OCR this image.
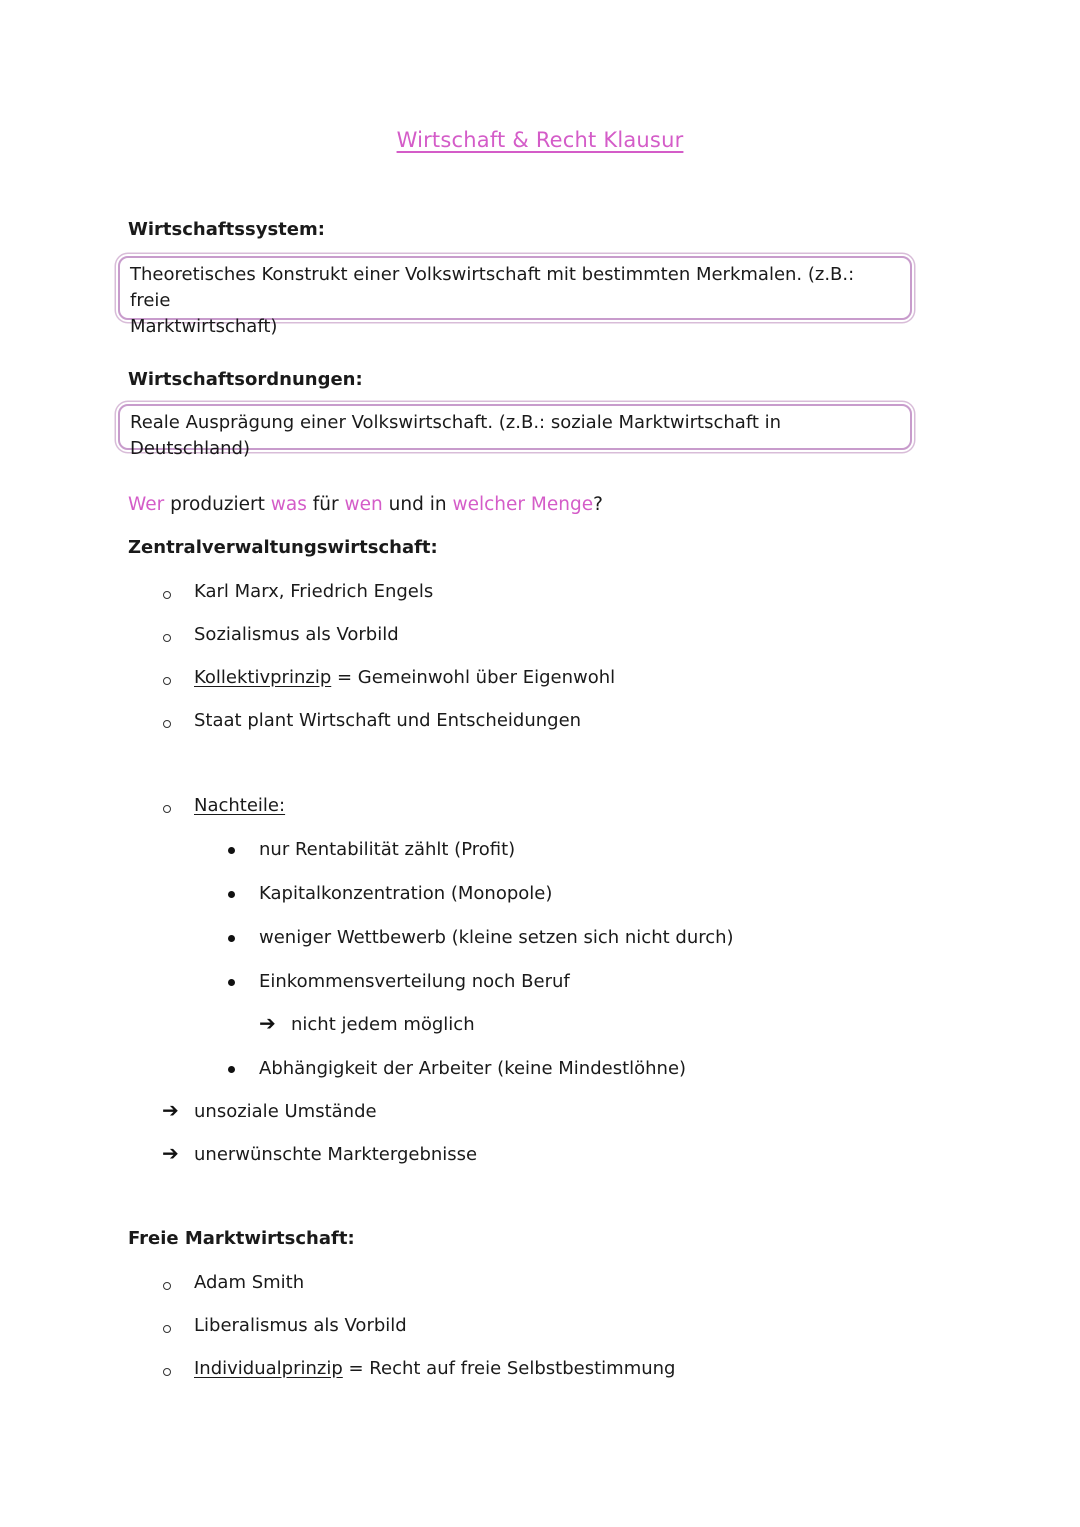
Wirtschaft & Recht Klausur
Wirtschaftssystem:
Theoretisches Konstrukt einer Volkswirtschaft mit bestimmten Merkmalen. (z.B.: freie
Marktwirtschaft)
Wirtschaftsordnungen:
Reale Ausprägung einer Volkswirtschaft. (z.B.: soziale Marktwirtschaft in Deutschland)
Wer produziert was für wen und in welcher Menge?
Zentralverwaltungswirtschaft:
Karl Marx, Friedrich Engels
Sozialismus als Vorbild
Kollektivprinzip = Gemeinwohl über Eigenwohl
Staat plant Wirtschaft und Entscheidungen
Nachteile:
nur Rentabilität zählt (Profit)
Kapitalkonzentration (Monopole)
weniger Wettbewerb (kleine setzen sich nicht durch)
Einkommensverteilung noch Beruf
➔ nicht jedem möglich
Abhängigkeit der Arbeiter (keine Mindestlöhne)
➔ unsoziale Umstände
➔ unerwünschte Marktergebnisse
Freie Marktwirtschaft:
Adam Smith
Liberalismus als Vorbild
Individualprinzip = Recht auf freie Selbstbestimmung
